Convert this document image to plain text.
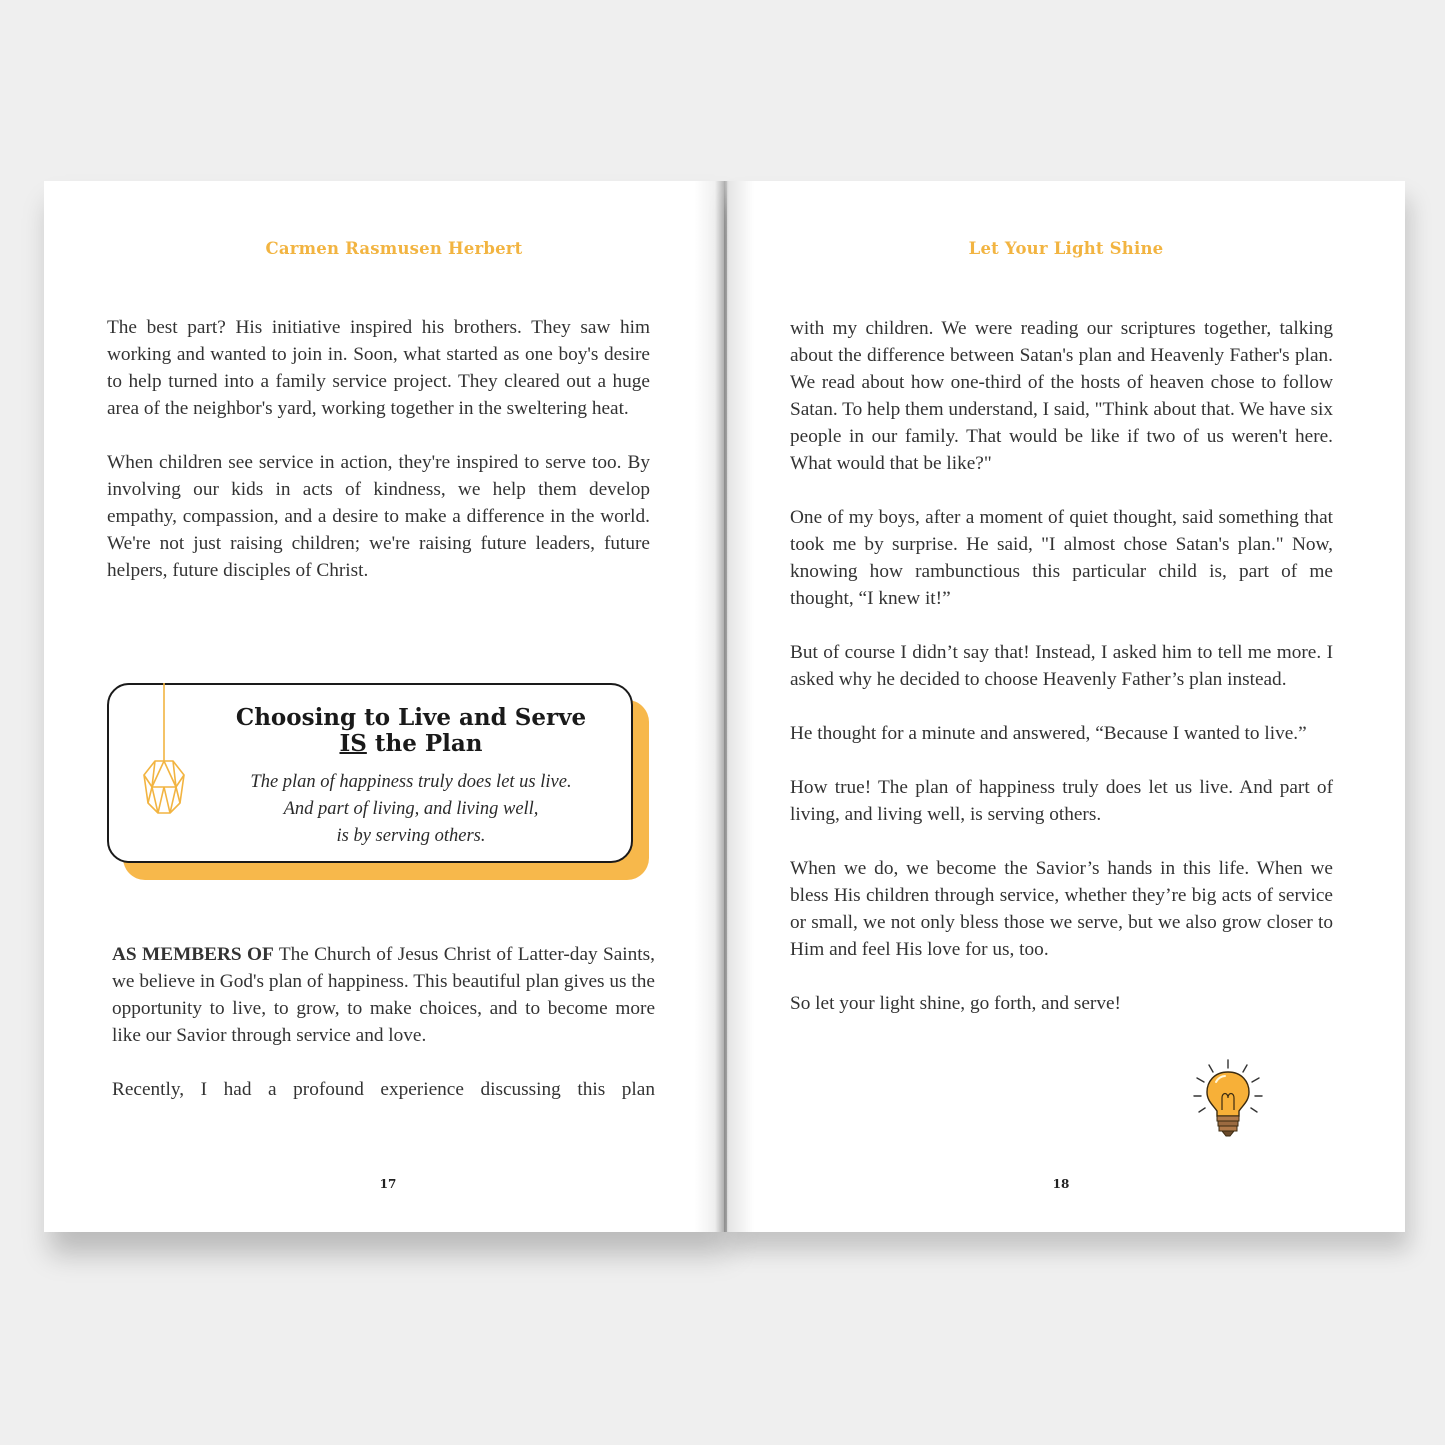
Carmen Rasmusen Herbert

The best part? His initiative inspired his brothers. They saw him working and wanted to join in. Soon, what started as one boy's desire to help turned into a family service project. They cleared out a huge area of the neighbor's yard, working together in the sweltering heat.

When children see service in action, they're inspired to serve too. By involving our kids in acts of kindness, we help them develop empathy, compassion, and a desire to make a difference in the world. We're not just raising children; we're raising future leaders, future helpers, future disciples of Christ.

Choosing to Live and Serve
IS the Plan
The plan of happiness truly does let us live.
And part of living, and living well,
is by serving others.

AS MEMBERS OF The Church of Jesus Christ of Latter-day Saints, we believe in God's plan of happiness. This beautiful plan gives us the opportunity to live, to grow, to make choices, and to become more like our Savior through service and love.

Recently, I had a profound experience discussing this plan

17
Let Your Light Shine

with my children. We were reading our scriptures together, talking about the difference between Satan's plan and Heavenly Father's plan. We read about how one-third of the hosts of heaven chose to follow Satan. To help them understand, I said, "Think about that. We have six people in our family. That would be like if two of us weren't here. What would that be like?"

One of my boys, after a moment of quiet thought, said something that took me by surprise. He said, "I almost chose Satan's plan." Now, knowing how rambunctious this particular child is, part of me thought, “I knew it!”

But of course I didn’t say that! Instead, I asked him to tell me more. I asked why he decided to choose Heavenly Father’s plan instead.

He thought for a minute and answered, “Because I wanted to live.”

How true! The plan of happiness truly does let us live. And part of living, and living well, is serving others.

When we do, we become the Savior’s hands in this life. When we bless His children through service, whether they’re big acts of service or small, we not only bless those we serve, but we also grow closer to Him and feel His love for us, too.

So let your light shine, go forth, and serve!

18
